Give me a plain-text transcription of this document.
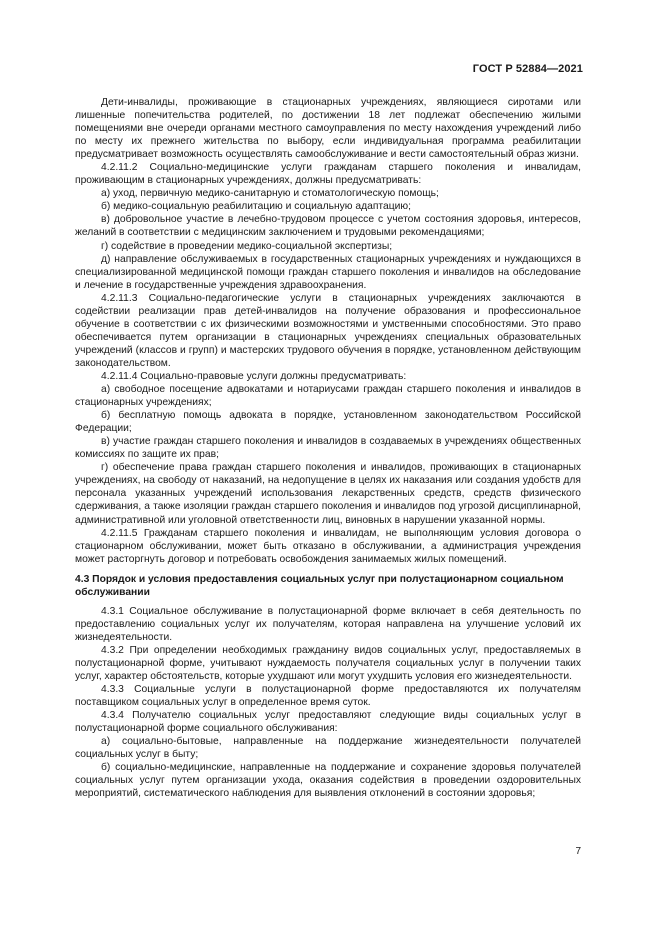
ГОСТ Р 52884—2021

Дети-инвалиды, проживающие в стационарных учреждениях, являющиеся сиротами или лишенные попечительства родителей, по достижении 18 лет подлежат обеспечению жилыми помещениями вне очереди органами местного самоуправления по месту нахождения учреждений либо по месту их прежнего жительства по выбору, если индивидуальная программа реабилитации предусматривает возможность осуществлять самообслуживание и вести самостоятельный образ жизни.

4.2.11.2 Социально-медицинские услуги гражданам старшего поколения и инвалидам, проживающим в стационарных учреждениях, должны предусматривать:

а) уход, первичную медико-санитарную и стоматологическую помощь;

б) медико-социальную реабилитацию и социальную адаптацию;

в) добровольное участие в лечебно-трудовом процессе с учетом состояния здоровья, интересов, желаний в соответствии с медицинским заключением и трудовыми рекомендациями;

г) содействие в проведении медико-социальной экспертизы;

д) направление обслуживаемых в государственных стационарных учреждениях и нуждающихся в специализированной медицинской помощи граждан старшего поколения и инвалидов на обследование и лечение в государственные учреждения здравоохранения.

4.2.11.3 Социально-педагогические услуги в стационарных учреждениях заключаются в содействии реализации прав детей-инвалидов на получение образования и профессиональное обучение в соответствии с их физическими возможностями и умственными способностями. Это право обеспечивается путем организации в стационарных учреждениях специальных образовательных учреждений (классов и групп) и мастерских трудового обучения в порядке, установленном действующим законодательством.

4.2.11.4 Социально-правовые услуги должны предусматривать:

а) свободное посещение адвокатами и нотариусами граждан старшего поколения и инвалидов в стационарных учреждениях;

б) бесплатную помощь адвоката в порядке, установленном законодательством Российской Федерации;

в) участие граждан старшего поколения и инвалидов в создаваемых в учреждениях общественных комиссиях по защите их прав;

г) обеспечение права граждан старшего поколения и инвалидов, проживающих в стационарных учреждениях, на свободу от наказаний, на недопущение в целях их наказания или создания удобств для персонала указанных учреждений использования лекарственных средств, средств физического сдерживания, а также изоляции граждан старшего поколения и инвалидов под угрозой дисциплинарной, административной или уголовной ответственности лиц, виновных в нарушении указанной нормы.

4.2.11.5 Гражданам старшего поколения и инвалидам, не выполняющим условия договора о стационарном обслуживании, может быть отказано в обслуживании, а администрация учреждения может расторгнуть договор и потребовать освобождения занимаемых жилых помещений.

4.3 Порядок и условия предоставления социальных услуг при полустационарном социальном обслуживании

4.3.1 Социальное обслуживание в полустационарной форме включает в себя деятельность по предоставлению социальных услуг их получателям, которая направлена на улучшение условий их жизнедеятельности.

4.3.2 При определении необходимых гражданину видов социальных услуг, предоставляемых в полустационарной форме, учитывают нуждаемость получателя социальных услуг в получении таких услуг, характер обстоятельств, которые ухудшают или могут ухудшить условия его жизнедеятельности.

4.3.3 Социальные услуги в полустационарной форме предоставляются их получателям поставщиком социальных услуг в определенное время суток.

4.3.4 Получателю социальных услуг предоставляют следующие виды социальных услуг в полустационарной форме социального обслуживания:

а) социально-бытовые, направленные на поддержание жизнедеятельности получателей социальных услуг в быту;

б) социально-медицинские, направленные на поддержание и сохранение здоровья получателей социальных услуг путем организации ухода, оказания содействия в проведении оздоровительных мероприятий, систематического наблюдения для выявления отклонений в состоянии здоровья;

7
